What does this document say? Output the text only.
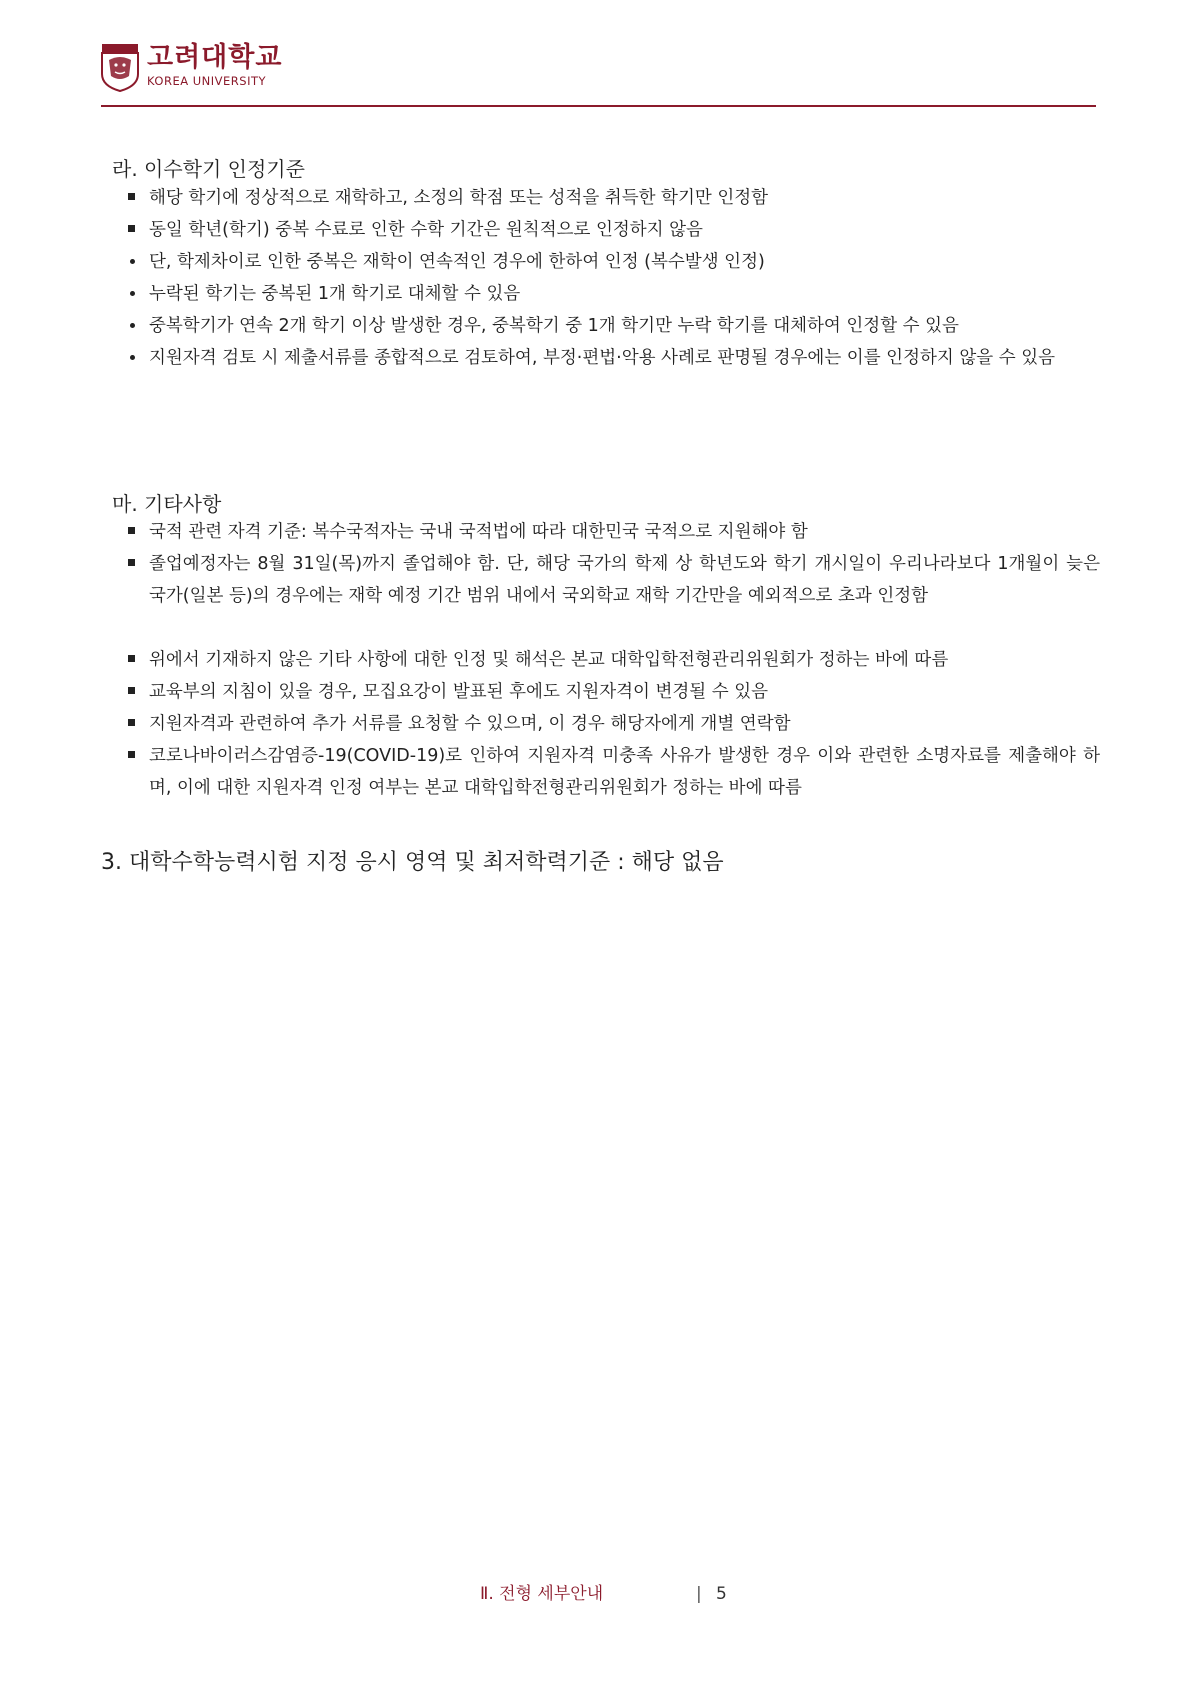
고려대학교
KOREA UNIVERSITY
라. 이수학기 인정기준
해당 학기에 정상적으로 재학하고, 소정의 학점 또는 성적을 취득한 학기만 인정함
동일 학년(학기) 중복 수료로 인한 수학 기간은 원칙적으로 인정하지 않음
단, 학제차이로 인한 중복은 재학이 연속적인 경우에 한하여 인정 (복수발생 인정)
누락된 학기는 중복된 1개 학기로 대체할 수 있음
중복학기가 연속 2개 학기 이상 발생한 경우, 중복학기 중 1개 학기만 누락 학기를 대체하여 인정할 수 있음
지원자격 검토 시 제출서류를 종합적으로 검토하여, 부정·편법·악용 사례로 판명될 경우에는 이를 인정하지 않을 수 있음
마. 기타사항
국적 관련 자격 기준: 복수국적자는 국내 국적법에 따라 대한민국 국적으로 지원해야 함
졸업예정자는 8월 31일(목)까지 졸업해야 함. 단, 해당 국가의 학제 상 학년도와 학기 개시일이 우리나라보다 1개월이 늦은 국가(일본 등)의 경우에는 재학 예정 기간 범위 내에서 국외학교 재학 기간만을 예외적으로 초과 인정함
위에서 기재하지 않은 기타 사항에 대한 인정 및 해석은 본교 대학입학전형관리위원회가 정하는 바에 따름
교육부의 지침이 있을 경우, 모집요강이 발표된 후에도 지원자격이 변경될 수 있음
지원자격과 관련하여 추가 서류를 요청할 수 있으며, 이 경우 해당자에게 개별 연락함
코로나바이러스감염증-19(COVID-19)로 인하여 지원자격 미충족 사유가 발생한 경우 이와 관련한 소명자료를 제출해야 하며, 이에 대한 지원자격 인정 여부는 본교 대학입학전형관리위원회가 정하는 바에 따름
3. 대학수학능력시험 지정 응시 영역 및 최저학력기준 : 해당 없음
Ⅱ. 전형 세부안내	| 5
